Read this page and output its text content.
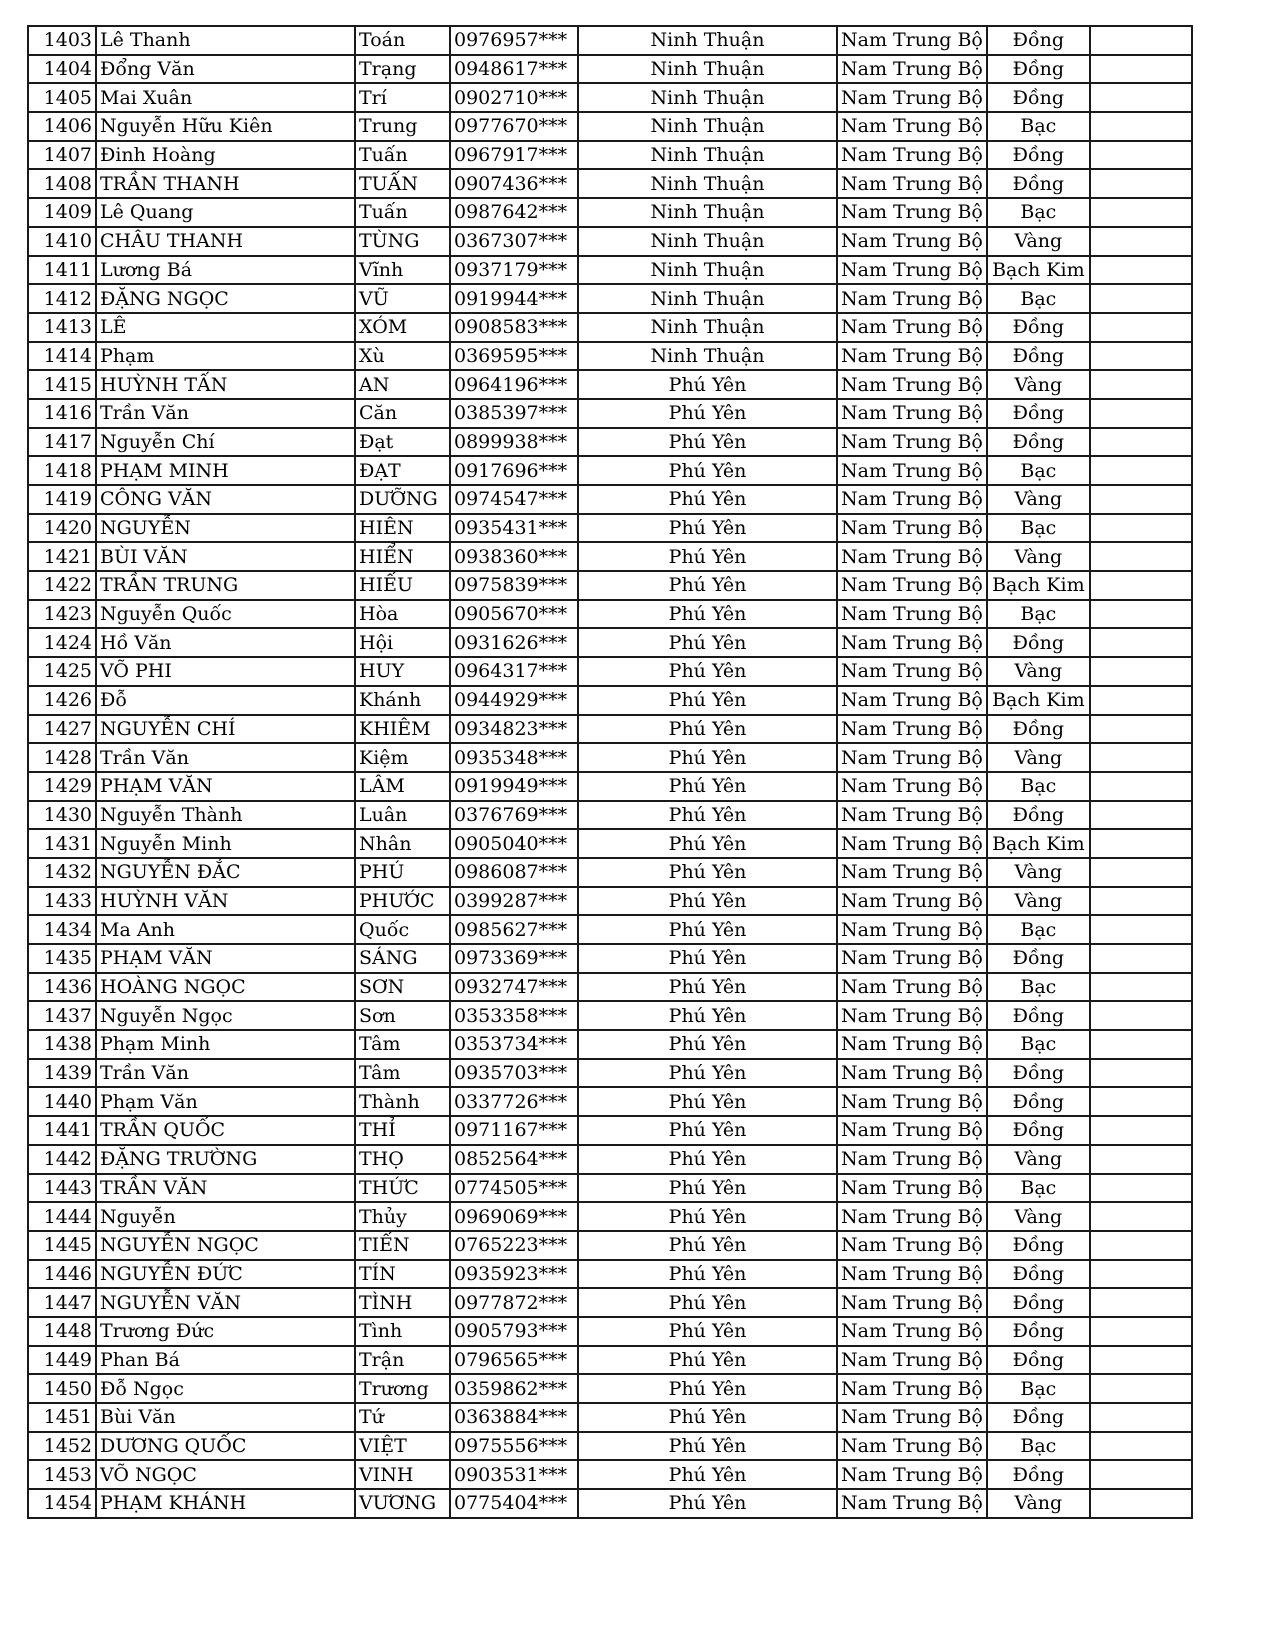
1403	Lê Thanh	Toán	0976957***	Ninh Thuận	Nam Trung Bộ	Đồng	
1404	Đổng Văn	Trạng	0948617***	Ninh Thuận	Nam Trung Bộ	Đồng	
1405	Mai Xuân	Trí	0902710***	Ninh Thuận	Nam Trung Bộ	Đồng	
1406	Nguyễn Hữu Kiên	Trung	0977670***	Ninh Thuận	Nam Trung Bộ	Bạc	
1407	Đinh Hoàng	Tuấn	0967917***	Ninh Thuận	Nam Trung Bộ	Đồng	
1408	TRẦN THANH	TUẤN	0907436***	Ninh Thuận	Nam Trung Bộ	Đồng	
1409	Lê Quang	Tuấn	0987642***	Ninh Thuận	Nam Trung Bộ	Bạc	
1410	CHÂU THANH	TÙNG	0367307***	Ninh Thuận	Nam Trung Bộ	Vàng	
1411	Lương Bá	Vĩnh	0937179***	Ninh Thuận	Nam Trung Bộ	Bạch Kim	
1412	ĐẶNG NGỌC	VŨ	0919944***	Ninh Thuận	Nam Trung Bộ	Bạc	
1413	LÊ	XÓM	0908583***	Ninh Thuận	Nam Trung Bộ	Đồng	
1414	Phạm	Xù	0369595***	Ninh Thuận	Nam Trung Bộ	Đồng	
1415	HUỲNH TẤN	AN	0964196***	Phú Yên	Nam Trung Bộ	Vàng	
1416	Trần Văn	Căn	0385397***	Phú Yên	Nam Trung Bộ	Đồng	
1417	Nguyễn Chí	Đạt	0899938***	Phú Yên	Nam Trung Bộ	Đồng	
1418	PHẠM MINH	ĐẠT	0917696***	Phú Yên	Nam Trung Bộ	Bạc	
1419	CÔNG VĂN	DƯỠNG	0974547***	Phú Yên	Nam Trung Bộ	Vàng	
1420	NGUYỄN	HIÊN	0935431***	Phú Yên	Nam Trung Bộ	Bạc	
1421	BÙI VĂN	HIỂN	0938360***	Phú Yên	Nam Trung Bộ	Vàng	
1422	TRẦN TRUNG	HIẾU	0975839***	Phú Yên	Nam Trung Bộ	Bạch Kim	
1423	Nguyễn Quốc	Hòa	0905670***	Phú Yên	Nam Trung Bộ	Bạc	
1424	Hồ Văn	Hội	0931626***	Phú Yên	Nam Trung Bộ	Đồng	
1425	VÕ PHI	HUY	0964317***	Phú Yên	Nam Trung Bộ	Vàng	
1426	Đỗ	Khánh	0944929***	Phú Yên	Nam Trung Bộ	Bạch Kim	
1427	NGUYỄN CHÍ	KHIÊM	0934823***	Phú Yên	Nam Trung Bộ	Đồng	
1428	Trần Văn	Kiệm	0935348***	Phú Yên	Nam Trung Bộ	Vàng	
1429	PHẠM VĂN	LÂM	0919949***	Phú Yên	Nam Trung Bộ	Bạc	
1430	Nguyễn Thành	Luân	0376769***	Phú Yên	Nam Trung Bộ	Đồng	
1431	Nguyễn Minh	Nhân	0905040***	Phú Yên	Nam Trung Bộ	Bạch Kim	
1432	NGUYỄN ĐẮC	PHÚ	0986087***	Phú Yên	Nam Trung Bộ	Vàng	
1433	HUỲNH VĂN	PHƯỚC	0399287***	Phú Yên	Nam Trung Bộ	Vàng	
1434	Ma Anh	Quốc	0985627***	Phú Yên	Nam Trung Bộ	Bạc	
1435	PHẠM VĂN	SÁNG	0973369***	Phú Yên	Nam Trung Bộ	Đồng	
1436	HOÀNG NGỌC	SƠN	0932747***	Phú Yên	Nam Trung Bộ	Bạc	
1437	Nguyễn Ngọc	Sơn	0353358***	Phú Yên	Nam Trung Bộ	Đồng	
1438	Phạm Minh	Tâm	0353734***	Phú Yên	Nam Trung Bộ	Bạc	
1439	Trần Văn	Tâm	0935703***	Phú Yên	Nam Trung Bộ	Đồng	
1440	Phạm Văn	Thành	0337726***	Phú Yên	Nam Trung Bộ	Đồng	
1441	TRẦN QUỐC	THỈ	0971167***	Phú Yên	Nam Trung Bộ	Đồng	
1442	ĐẶNG TRƯỜNG	THỌ	0852564***	Phú Yên	Nam Trung Bộ	Vàng	
1443	TRẦN VĂN	THỨC	0774505***	Phú Yên	Nam Trung Bộ	Bạc	
1444	Nguyễn	Thủy	0969069***	Phú Yên	Nam Trung Bộ	Vàng	
1445	NGUYỄN NGỌC	TIẾN	0765223***	Phú Yên	Nam Trung Bộ	Đồng	
1446	NGUYỄN ĐỨC	TÍN	0935923***	Phú Yên	Nam Trung Bộ	Đồng	
1447	NGUYỄN VĂN	TÌNH	0977872***	Phú Yên	Nam Trung Bộ	Đồng	
1448	Trương Đức	Tình	0905793***	Phú Yên	Nam Trung Bộ	Đồng	
1449	Phan Bá	Trận	0796565***	Phú Yên	Nam Trung Bộ	Đồng	
1450	Đỗ Ngọc	Trương	0359862***	Phú Yên	Nam Trung Bộ	Bạc	
1451	Bùi Văn	Tứ	0363884***	Phú Yên	Nam Trung Bộ	Đồng	
1452	DƯƠNG QUỐC	VIỆT	0975556***	Phú Yên	Nam Trung Bộ	Bạc	
1453	VÕ NGỌC	VINH	0903531***	Phú Yên	Nam Trung Bộ	Đồng	
1454	PHẠM KHÁNH	VƯƠNG	0775404***	Phú Yên	Nam Trung Bộ	Vàng	
